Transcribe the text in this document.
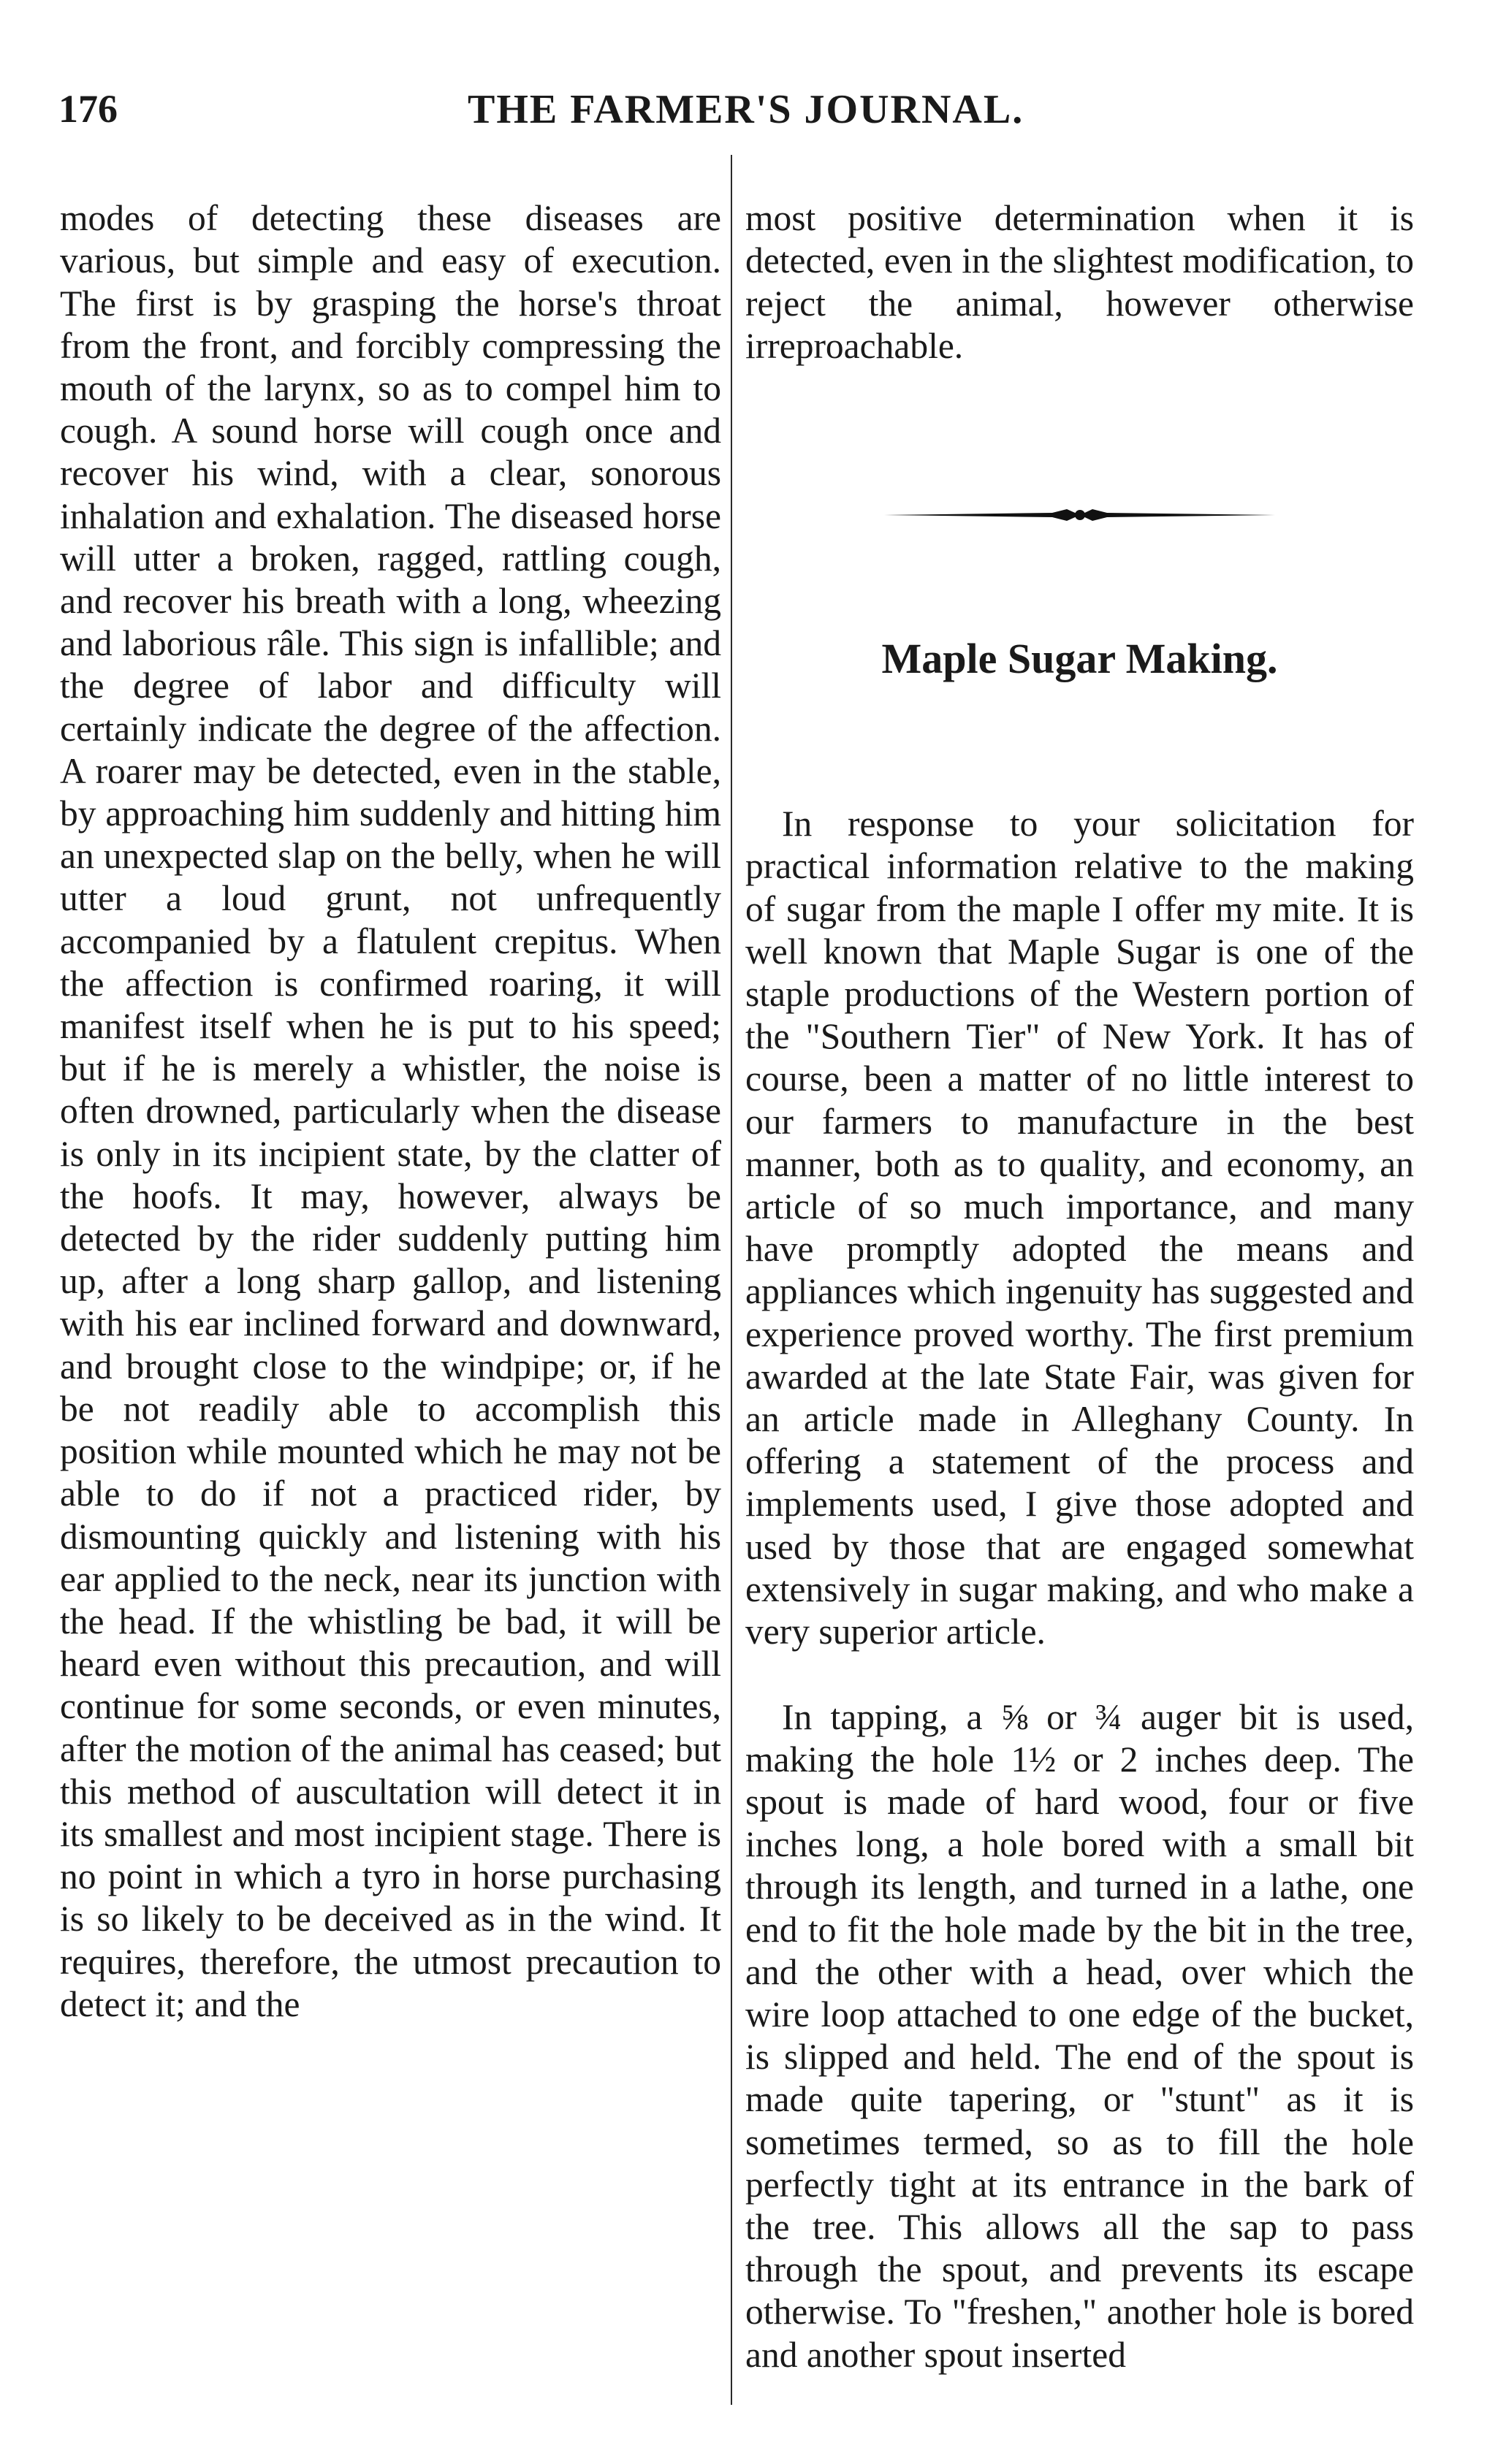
176	THE FARMER'S JOURNAL.

modes of detecting these diseases are various, but simple and easy of execution. The first is by grasping the horse's throat from the front, and forcibly compressing the mouth of the larynx, so as to compel him to cough. A sound horse will cough once and recover his wind, with a clear, sonorous inhalation and exhalation. The diseased horse will utter a broken, ragged, rattling cough, and recover his breath with a long, wheezing and laborious râle. This sign is infallible; and the degree of labor and difficulty will certainly indicate the degree of the affection. A roarer may be detected, even in the stable, by approaching him suddenly and hitting him an unexpected slap on the belly, when he will utter a loud grunt, not unfrequently accompanied by a flatulent crepitus. When the affection is confirmed roaring, it will manifest itself when he is put to his speed; but if he is merely a whistler, the noise is often drowned, particularly when the disease is only in its incipient state, by the clatter of the hoofs. It may, however, always be detected by the rider suddenly putting him up, after a long sharp gallop, and listening with his ear inclined forward and downward, and brought close to the windpipe; or, if he be not readily able to accomplish this position while mounted which he may not be able to do if not a practiced rider, by dismounting quickly and listening with his ear applied to the neck, near its junction with the head. If the whistling be bad, it will be heard even without this precaution, and will continue for some seconds, or even minutes, after the motion of the animal has ceased; but this method of auscultation will detect it in its smallest and most incipient stage. There is no point in which a tyro in horse purchasing is so likely to be deceived as in the wind. It requires, therefore, the utmost precaution to detect it; and the

most positive determination when it is detected, even in the slightest modification, to reject the animal, however otherwise irreproachable.

Maple Sugar Making.

In response to your solicitation for practical information relative to the making of sugar from the maple I offer my mite. It is well known that Maple Sugar is one of the staple productions of the Western portion of the "Southern Tier" of New York. It has of course, been a matter of no little interest to our farmers to manufacture in the best manner, both as to quality, and economy, an article of so much importance, and many have promptly adopted the means and appliances which ingenuity has suggested and experience proved worthy. The first premium awarded at the late State Fair, was given for an article made in Alleghany County. In offering a statement of the process and implements used, I give those adopted and used by those that are engaged somewhat extensively in sugar making, and who make a very superior article.

In tapping, a ⅝ or ¾ auger bit is used, making the hole 1½ or 2 inches deep. The spout is made of hard wood, four or five inches long, a hole bored with a small bit through its length, and turned in a lathe, one end to fit the hole made by the bit in the tree, and the other with a head, over which the wire loop attached to one edge of the bucket, is slipped and held. The end of the spout is made quite tapering, or "stunt" as it is sometimes termed, so as to fill the hole perfectly tight at its entrance in the bark of the tree. This allows all the sap to pass through the spout, and prevents its escape otherwise. To "freshen," another hole is bored and another spout inserted
